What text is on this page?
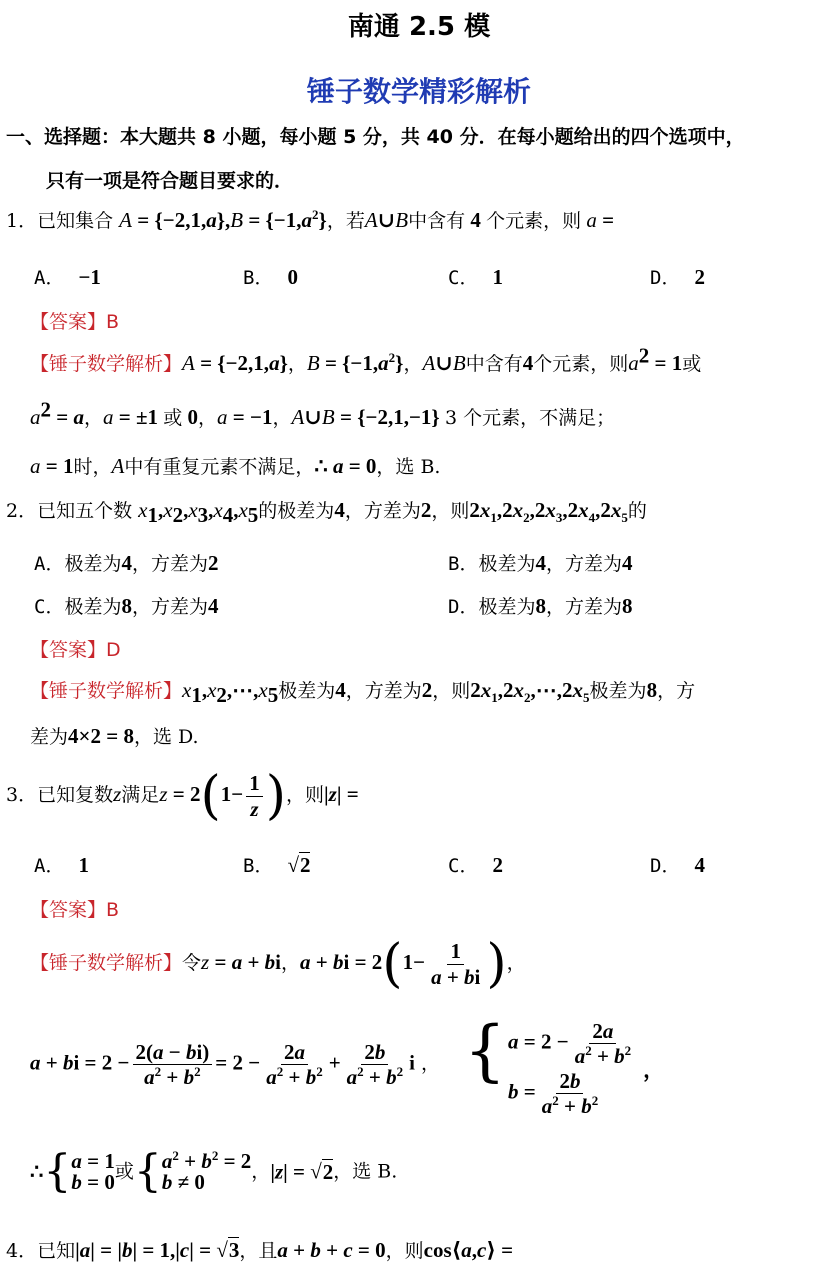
南通 2.5 模
锤子数学精彩解析
一、选择题：本大题共 8 小题，每小题 5 分，共 40 分．在每小题给出的四个选项中，
只有一项是符合题目要求的．
1．已知集合 $A = \{-2,1,a\},B = \{-1,a^2\}$，若A∪B中含有 4 个元素，则 a =
A． −1	B． 0	C． 1	D． 2
【答案】B
【锤子数学解析】A = {−2,1,a}，$B = \{-1,a^2\}$，A∪B中含有4个元素，则$a^2 = 1$或
$a^2 = a$，a = ±1 或 0，a = −1，A∪B = {−2,1,−1} 3 个元素，不满足；
a = 1时，A中有重复元素不满足，∴ a = 0，选 B.
2．已知五个数 $x_1,x_2,x_3,x_4,x_5$的极差为4，方差为2，则$2x_1,2x_2,2x_3,2x_4,2x_5$的
A．极差为4，方差为2	B．极差为4，方差为4
C．极差为8，方差为4	D．极差为8，方差为8
【答案】D
【锤子数学解析】$x_1,x_2,\cdots,x_5$极差为4，方差为2，则$2x_1,2x_2,\cdots,2x_5$极差为8，方
差为4×2 = 8，选 D.
3．已知复数z满足$z = 2(1- \frac{1}{z}$ )，则|z| =
A． 1	B． √2	C． 2	D． 4
【答案】B
【锤子数学解析】令z = a + bi，a + bi = $2(1- \frac{1}{a + bi}$ )，
a + bi = $2 - \frac{2(a - bi)}{a^2 + b^2} = 2 - \frac{2a}{a^2 + b^2} + \frac{2b}{a^2 + b^2}$ i ， { $a = 2 - \frac{2a}{a^2 + b^2}$
$b = \frac{2b}{a^2 + b^2}$ ，
∴{ a = 1
b = 0 或{ $a^2 + b^2 = 2$
b ≠ 0	，|z| = √2，选 B.
4．已知|a| = |b| = 1,|c| = √3，且a + b + c = 0，则cos⟨a,c⟩ =
